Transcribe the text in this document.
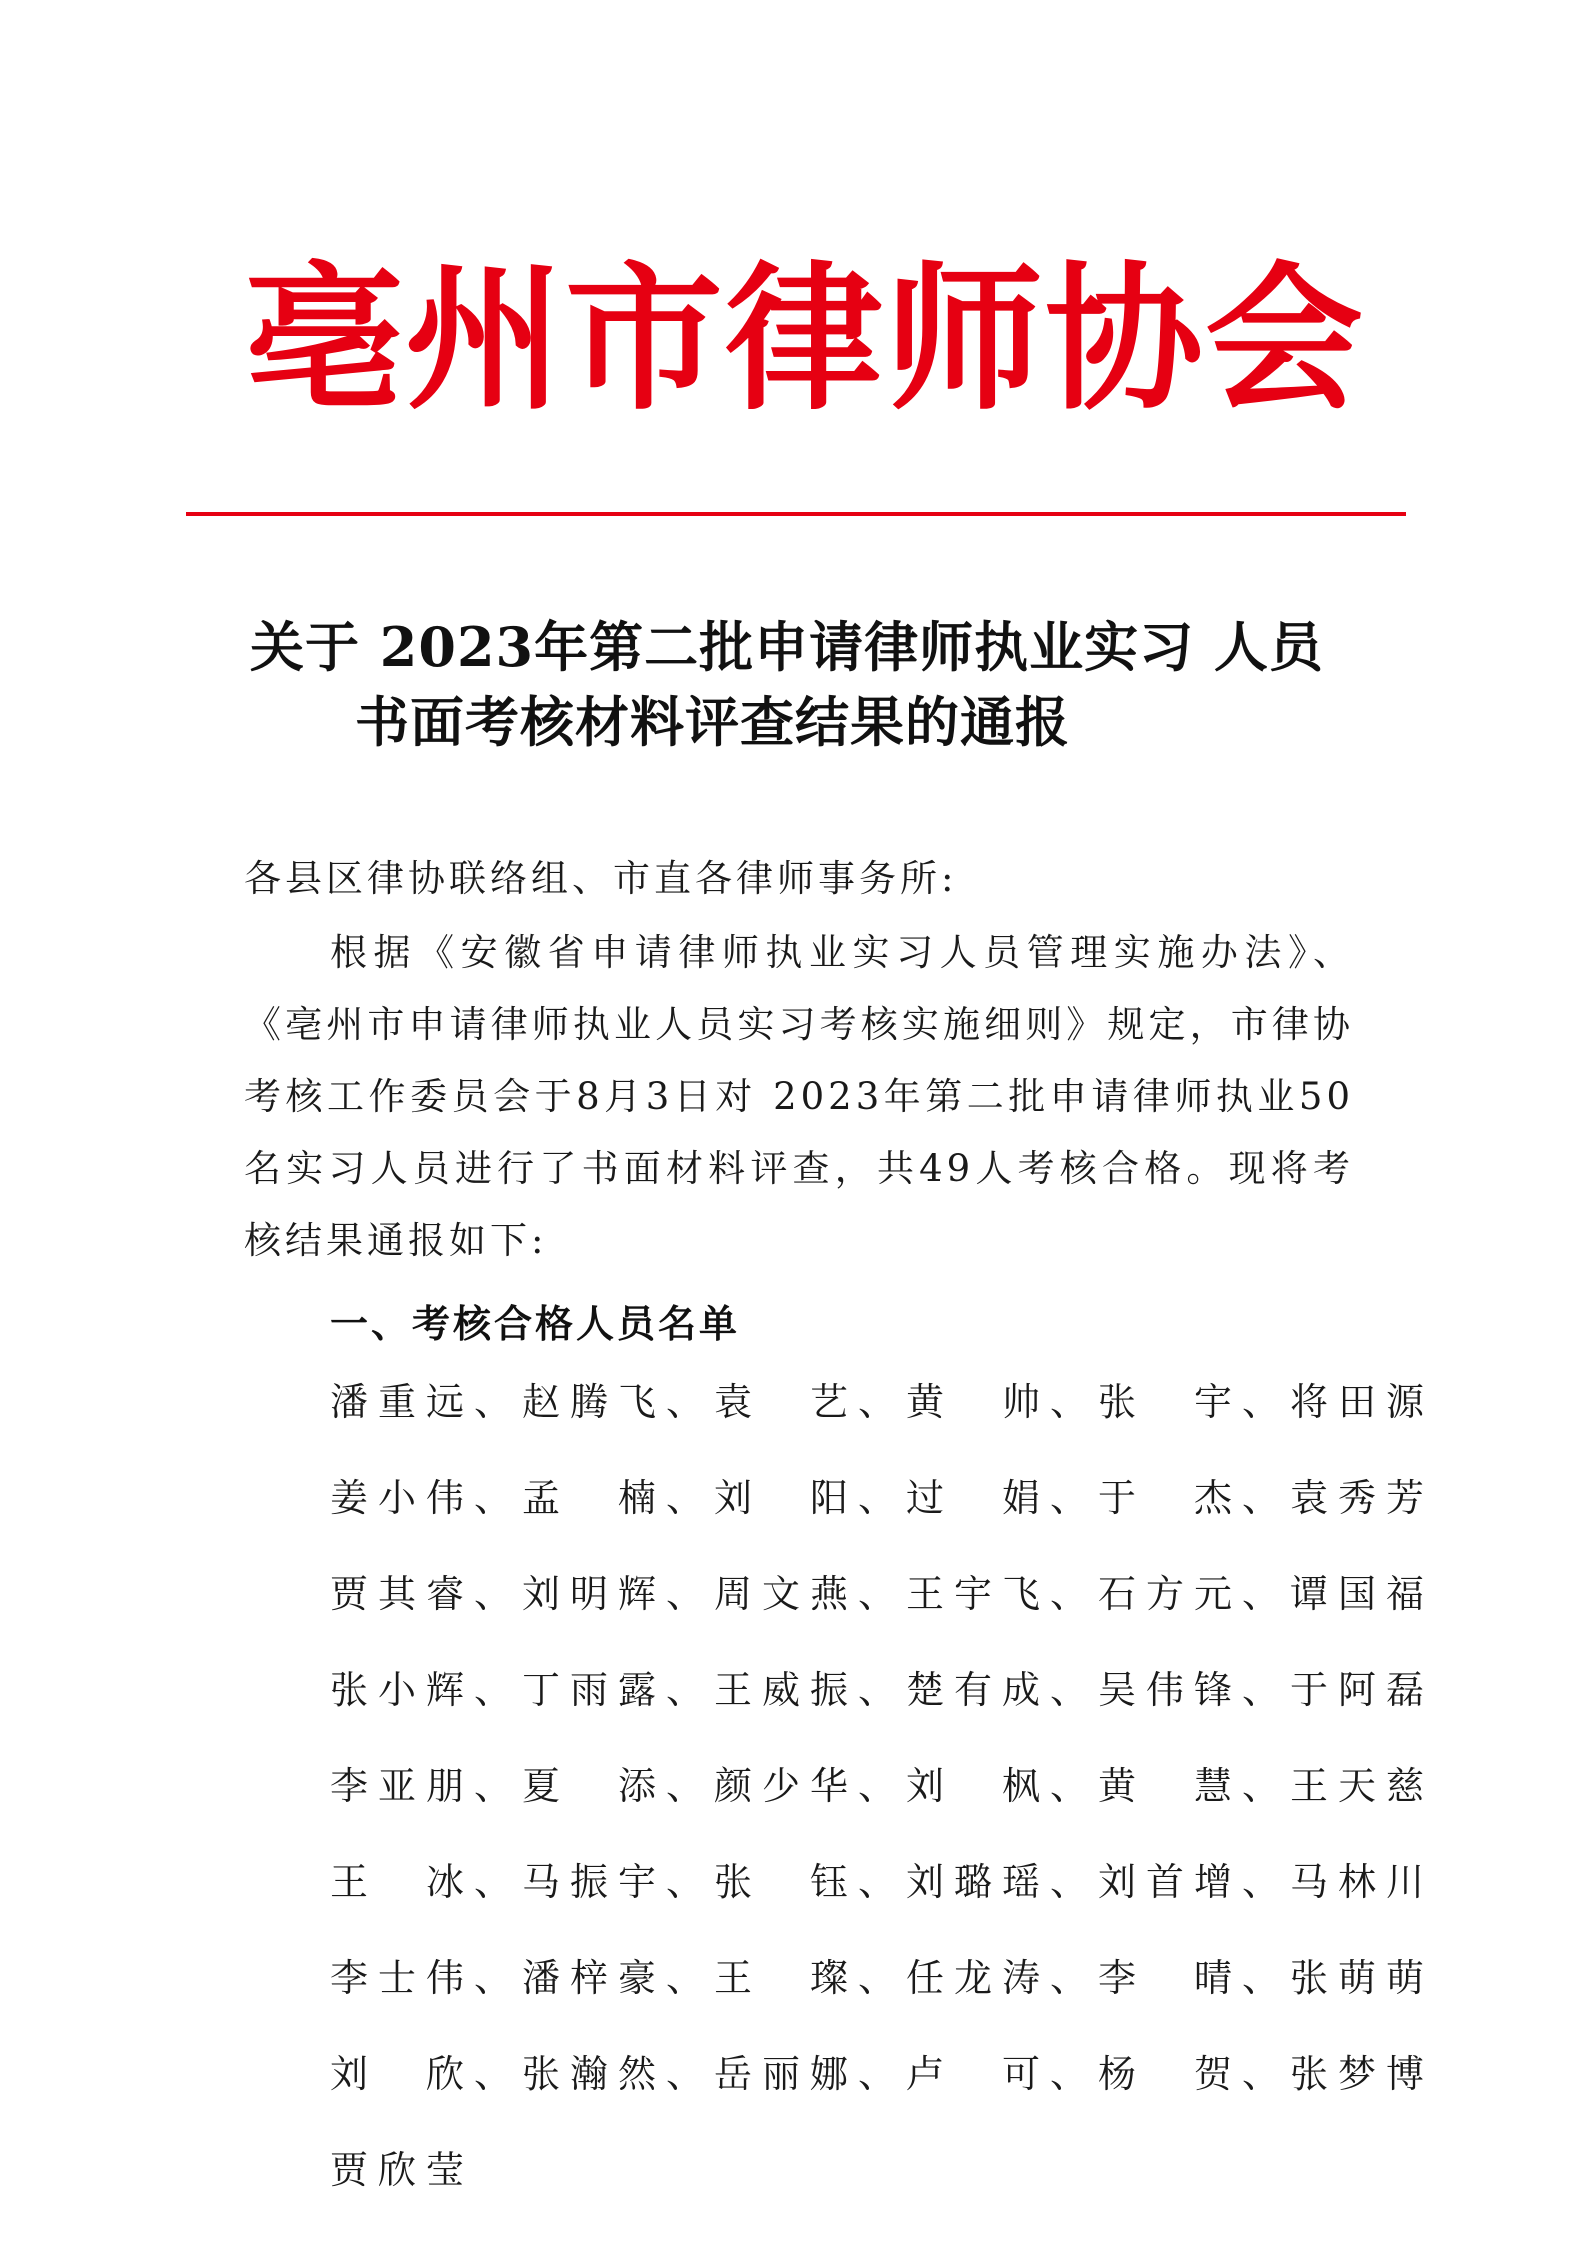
亳州市律师协会
关于 2023年第二批申请律师执业实习 人员
书面考核材料评查结果的通报

各县区律协联络组、市直各律师事务所:

根据《安徽省申请律师执业实习人员管理实施办法》、《亳州市申请律师执业人员实习考核实施细则》规定，市律协考核工作委员会于8月3日对 2023年第二批申请律师执业50名实习人员进行了书面材料评查，共49人考核合格。现将考核结果通报如下:

一、考核合格人员名单
潘重远、赵腾飞、袁　艺、黄　帅、张　宇、将田源
姜小伟、孟　楠、刘　阳、过　娟、于　杰、袁秀芳
贾其睿、刘明辉、周文燕、王宇飞、石方元、谭国福
张小辉、丁雨露、王威振、楚有成、吴伟锋、于阿磊
李亚朋、夏　添、颜少华、刘　枫、黄　慧、王天慈
王　冰、马振宇、张　钰、刘璐瑶、刘首增、马林川
李士伟、潘梓豪、王　璨、任龙涛、李　晴、张萌萌
刘　欣、张瀚然、岳丽娜、卢　可、杨　贺、张梦博
贾欣莹
